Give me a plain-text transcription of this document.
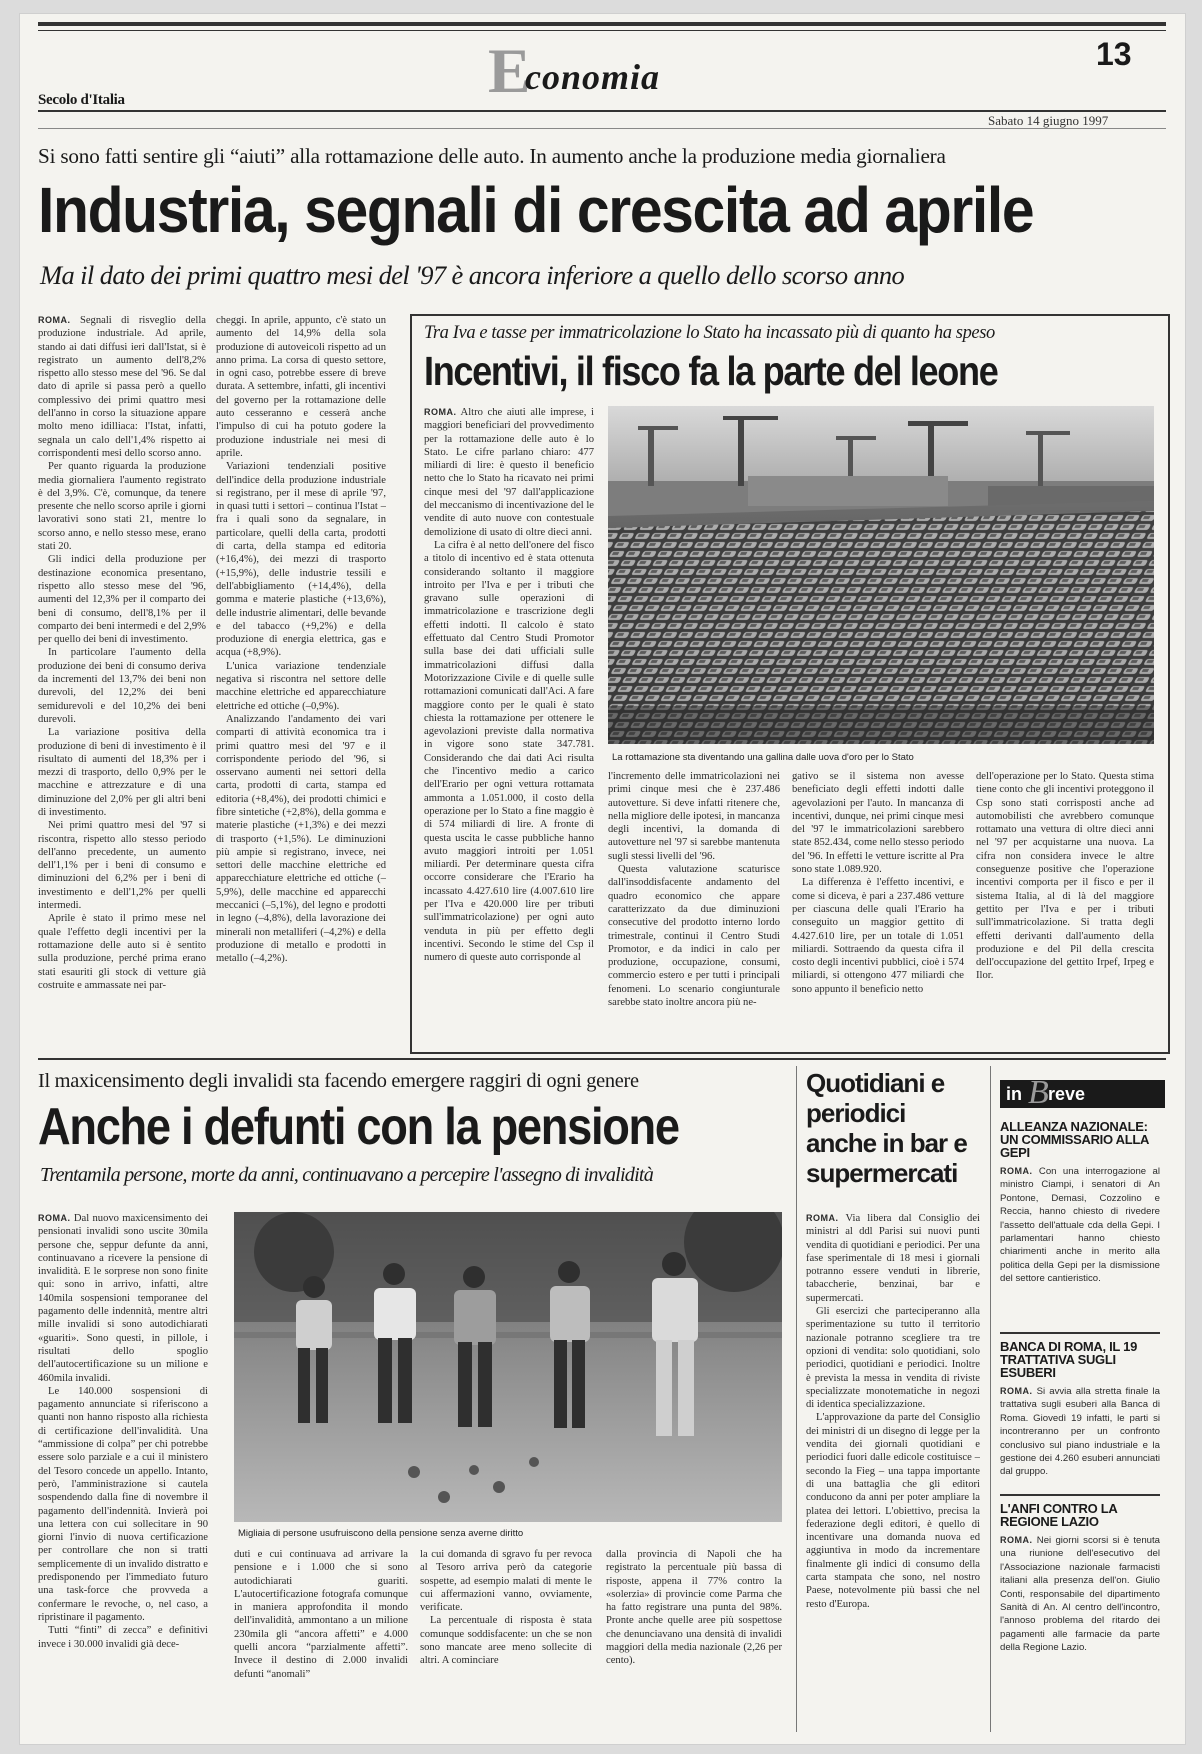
E
conomia
13
Secolo d'Italia
Sabato 14 giugno 1997
Si sono fatti sentire gli “aiuti” alla rottamazione delle auto. In aumento anche la produzione media giornaliera
Industria, segnali di crescita ad aprile
Ma il dato dei primi quattro mesi del '97 è ancora inferiore a quello dello scorso anno

ROMA. Segnali di risveglio della produzione industriale. Ad aprile, stando ai dati diffusi ieri dall'Istat, si è registrato un aumento dell'8,2% rispetto allo stesso mese del '96. Se dal dato di aprile si passa però a quello complessivo dei primi quattro mesi dell'anno in corso la situazione appare molto meno idilliaca: l'Istat, infatti, segnala un calo dell'1,4% rispetto ai corrispondenti mesi dello scorso anno.

Per quanto riguarda la produzione media giornaliera l'aumento registrato è del 3,9%. C'è, comunque, da tenere presente che nello scorso aprile i giorni lavorativi sono stati 21, mentre lo scorso anno, e nello stesso mese, erano stati 20.

Gli indici della produzione per destinazione economica presentano, rispetto allo stesso mese del '96, aumenti del 12,3% per il comparto dei beni di consumo, dell'8,1% per il comparto dei beni intermedi e del 2,9% per quello dei beni di investimento.

In particolare l'aumento della produzione dei beni di consumo deriva da incrementi del 13,7% dei beni non durevoli, del 12,2% dei beni semidurevoli e del 10,2% dei beni durevoli.

La variazione positiva della produzione di beni di investimento è il risultato di aumenti del 18,3% per i mezzi di trasporto, dello 0,9% per le macchine e attrezzature e di una diminuzione del 2,0% per gli altri beni di investimento.

Nei primi quattro mesi del '97 si riscontra, rispetto allo stesso periodo dell'anno precedente, un aumento dell'1,1% per i beni di consumo e diminuzioni del 6,2% per i beni di investimento e dell'1,2% per quelli intermedi.

Aprile è stato il primo mese nel quale l'effetto degli incentivi per la rottamazione delle auto si è sentito sulla produzione, perché prima erano stati esauriti gli stock di vetture già costruite e ammassate nei par-

cheggi. In aprile, appunto, c'è stato un aumento del 14,9% della sola produzione di autoveicoli rispetto ad un anno prima. La corsa di questo settore, in ogni caso, potrebbe essere di breve durata. A settembre, infatti, gli incentivi del governo per la rottamazione delle auto cesseranno e cesserà anche l'impulso di cui ha potuto godere la produzione industriale nei mesi di aprile.

Variazioni tendenziali positive dell'indice della produzione industriale si registrano, per il mese di aprile '97, in quasi tutti i settori – continua l'Istat – fra i quali sono da segnalare, in particolare, quelli della carta, prodotti di carta, della stampa ed editoria (+16,4%), dei mezzi di trasporto (+15,9%), delle industrie tessili e dell'abbigliamento (+14,4%), della gomma e materie plastiche (+13,6%), delle industrie alimentari, delle bevande e del tabacco (+9,2%) e della produzione di energia elettrica, gas e acqua (+8,9%).

L'unica variazione tendenziale negativa si riscontra nel settore delle macchine elettriche ed apparecchiature elettriche ed ottiche (–0,9%).

Analizzando l'andamento dei vari comparti di attività economica tra i primi quattro mesi del '97 e il corrispondente periodo del '96, si osservano aumenti nei settori della carta, prodotti di carta, stampa ed editoria (+8,4%), dei prodotti chimici e fibre sintetiche (+2,8%), della gomma e materie plastiche (+1,3%) e dei mezzi di trasporto (+1,5%). Le diminuzioni più ampie si registrano, invece, nei settori delle macchine elettriche ed apparecchiature elettriche ed ottiche (–5,9%), delle macchine ed apparecchi meccanici (–5,1%), del legno e prodotti in legno (–4,8%), della lavorazione dei minerali non metalliferi (–4,2%) e della produzione di metallo e prodotti in metallo (–4,2%).

Tra Iva e tasse per immatricolazione lo Stato ha incassato più di quanto ha speso
Incentivi, il fisco fa la parte del leone

ROMA. Altro che aiuti alle imprese, i maggiori beneficiari del provvedimento per la rottamazione delle auto è lo Stato. Le cifre parlano chiaro: 477 miliardi di lire: è questo il beneficio netto che lo Stato ha ricavato nei primi cinque mesi del '97 dall'applicazione del meccanismo di incentivazione del le vendite di auto nuove con contestuale demolizione di usato di oltre dieci anni.

La cifra è al netto dell'onere del fisco a titolo di incentivo ed è stata ottenuta considerando soltanto il maggiore introito per l'Iva e per i tributi che gravano sulle operazioni di immatricolazione e trascrizione degli effetti indotti. Il calcolo è stato effettuato dal Centro Studi Promotor sulla base dei dati ufficiali sulle immatricolazioni diffusi dalla Motorizzazione Civile e di quelle sulle rottamazioni comunicati dall'Aci. A fare maggiore conto per le quali è stato chiesta la rottamazione per ottenere le agevolazioni previste dalla normativa in vigore sono state 347.781. Considerando che dai dati Aci risulta che l'incentivo medio a carico dell'Erario per ogni vettura rottamata ammonta a 1.051.000, il costo della operazione per lo Stato a fine maggio è di 574 miliardi di lire. A fronte di questa uscita le casse pubbliche hanno avuto maggiori introiti per 1.051 miliardi. Per determinare questa cifra occorre considerare che l'Erario ha incassato 4.427.610 lire (4.007.610 lire per l'Iva e 420.000 lire per tributi sull'immatricolazione) per ogni auto venduta in più per effetto degli incentivi. Secondo le stime del Csp il numero di queste auto corrisponde al

La rottamazione sta diventando una gallina dalle uova d'oro per lo Stato

l'incremento delle immatricolazioni nei primi cinque mesi che è 237.486 autovetture. Si deve infatti ritenere che, nella migliore delle ipotesi, in mancanza degli incentivi, la domanda di autovetture nel '97 si sarebbe mantenuta sugli stessi livelli del '96.

Questa valutazione scaturisce dall'insoddisfacente andamento del quadro economico che appare caratterizzato da due diminuzioni consecutive del prodotto interno lordo trimestrale, continui il Centro Studi Promotor, e da indici in calo per produzione, occupazione, consumi, commercio estero e per tutti i principali fenomeni. Lo scenario congiunturale sarebbe stato inoltre ancora più ne-

gativo se il sistema non avesse beneficiato degli effetti indotti dalle agevolazioni per l'auto. In mancanza di incentivi, dunque, nei primi cinque mesi del '97 le immatricolazioni sarebbero state 852.434, come nello stesso periodo del '96. In effetti le vetture iscritte al Pra sono state 1.089.920.

La differenza è l'effetto incentivi, e come si diceva, è pari a 237.486 vetture per ciascuna delle quali l'Erario ha conseguito un maggior gettito di 4.427.610 lire, per un totale di 1.051 miliardi. Sottraendo da questa cifra il costo degli incentivi pubblici, cioè i 574 miliardi, si ottengono 477 miliardi che sono appunto il beneficio netto

dell'operazione per lo Stato. Questa stima tiene conto che gli incentivi proteggono il Csp sono stati corrisposti anche ad automobilisti che avrebbero comunque rottamato una vettura di oltre dieci anni nel '97 per acquistarne una nuova. La cifra non considera invece le altre conseguenze positive che l'operazione incentivi comporta per il fisco e per il sistema Italia, al di là del maggiore gettito per l'Iva e per i tributi sull'immatricolazione. Si tratta degli effetti derivanti dall'aumento della produzione e del Pil della crescita dell'occupazione del gettito Irpef, Irpeg e Ilor.

Il maxicensimento degli invalidi sta facendo emergere raggiri di ogni genere
Anche i defunti con la pensione
Trentamila persone, morte da anni, continuavano a percepire l'assegno di invalidità

ROMA. Dal nuovo maxicensimento dei pensionati invalidi sono uscite 30mila persone che, seppur defunte da anni, continuavano a ricevere la pensione di invalidità. E le sorprese non sono finite qui: sono in arrivo, infatti, altre 140mila sospensioni temporanee del pagamento delle indennità, mentre altri mille invalidi si sono autodichiarati «guariti». Sono questi, in pillole, i risultati dello spoglio dell'autocertificazione su un milione e 460mila invalidi.

Le 140.000 sospensioni di pagamento annunciate si riferiscono a quanti non hanno risposto alla richiesta di certificazione dell'invalidità. Una “ammissione di colpa” per chi potrebbe essere solo parziale e a cui il ministero del Tesoro concede un appello. Intanto, però, l'amministrazione si cautela sospendendo dalla fine di novembre il pagamento dell'indennità. Invierà poi una lettera con cui sollecitare in 90 giorni l'invio di nuova certificazione per controllare che non si tratti semplicemente di un invalido distratto e predisponendo per l'immediato futuro una task-force che provveda a confermare le revoche, o, nel caso, a ripristinare il pagamento.

Tutti “finti” di zecca” e definitivi invece i 30.000 invalidi già dece-

Migliaia di persone usufruiscono della pensione senza averne diritto

duti e cui continuava ad arrivare la pensione e i 1.000 che si sono autodichiarati guariti. L'autocertificazione fotografa comunque in maniera approfondita il mondo dell'invalidità, ammontano a un milione 230mila gli “ancora affetti” e 4.000 quelli ancora “parzialmente affetti”. Invece il destino di 2.000 invalidi defunti “anomali”

la cui domanda di sgravo fu per revoca al Tesoro arriva però da categorie sospette, ad esempio malati di mente le cui affermazioni vanno, ovviamente, verificate.

La percentuale di risposta è stata comunque soddisfacente: un che se non sono mancate aree meno sollecite di altri. A cominciare

dalla provincia di Napoli che ha registrato la percentuale più bassa di risposte, appena il 77% contro la «solerzia» di provincie come Parma che ha fatto registrare una punta del 98%. Pronte anche quelle aree più sospettose che denunciavano una densità di invalidi maggiori della media nazionale (2,26 per cento).

Quotidiani e periodici anche in bar e supermercati

ROMA. Via libera dal Consiglio dei ministri al ddl Parisi sui nuovi punti vendita di quotidiani e periodici. Per una fase sperimentale di 18 mesi i giornali potranno essere venduti in librerie, tabaccherie, benzinai, bar e supermercati.

Gli esercizi che parteciperanno alla sperimentazione su tutto il territorio nazionale potranno scegliere tra tre opzioni di vendita: solo quotidiani, solo periodici, quotidiani e periodici. Inoltre è prevista la messa in vendita di riviste specializzate monotematiche in negozi di identica specializzazione.

L'approvazione da parte del Consiglio dei ministri di un disegno di legge per la vendita dei giornali quotidiani e periodici fuori dalle edicole costituisce – secondo la Fieg – una tappa importante di una battaglia che gli editori conducono da anni per poter ampliare la platea dei lettori. L'obiettivo, precisa la federazione degli editori, è quello di incentivare una domanda nuova ed aggiuntiva in modo da incrementare finalmente gli indici di consumo della carta stampata che sono, nel nostro Paese, notevolmente più bassi che nel resto d'Europa.

in B reve
ALLEANZA NAZIONALE: UN COMMISSARIO ALLA GEPI
ROMA. Con una interrogazione al ministro Ciampi, i senatori di An Pontone, Demasi, Cozzolino e Reccia, hanno chiesto di rivedere l'assetto dell'attuale cda della Gepi. I parlamentari hanno chiesto chiarimenti anche in merito alla politica della Gepi per la dismissione del settore cantieristico.
BANCA DI ROMA, IL 19 TRATTATIVA SUGLI ESUBERI
ROMA. Si avvia alla stretta finale la trattativa sugli esuberi alla Banca di Roma. Giovedì 19 infatti, le parti si incontreranno per un confronto conclusivo sul piano industriale e la gestione dei 4.260 esuberi annunciati dal gruppo.
L'ANFI CONTRO LA REGIONE LAZIO
ROMA. Nei giorni scorsi si è tenuta una riunione dell'esecutivo del l'Associazione nazionale farmacisti italiani alla presenza dell'on. Giulio Conti, responsabile del dipartimento Sanità di An. Al centro dell'incontro, l'annoso problema del ritardo dei pagamenti alle farmacie da parte della Regione Lazio.
